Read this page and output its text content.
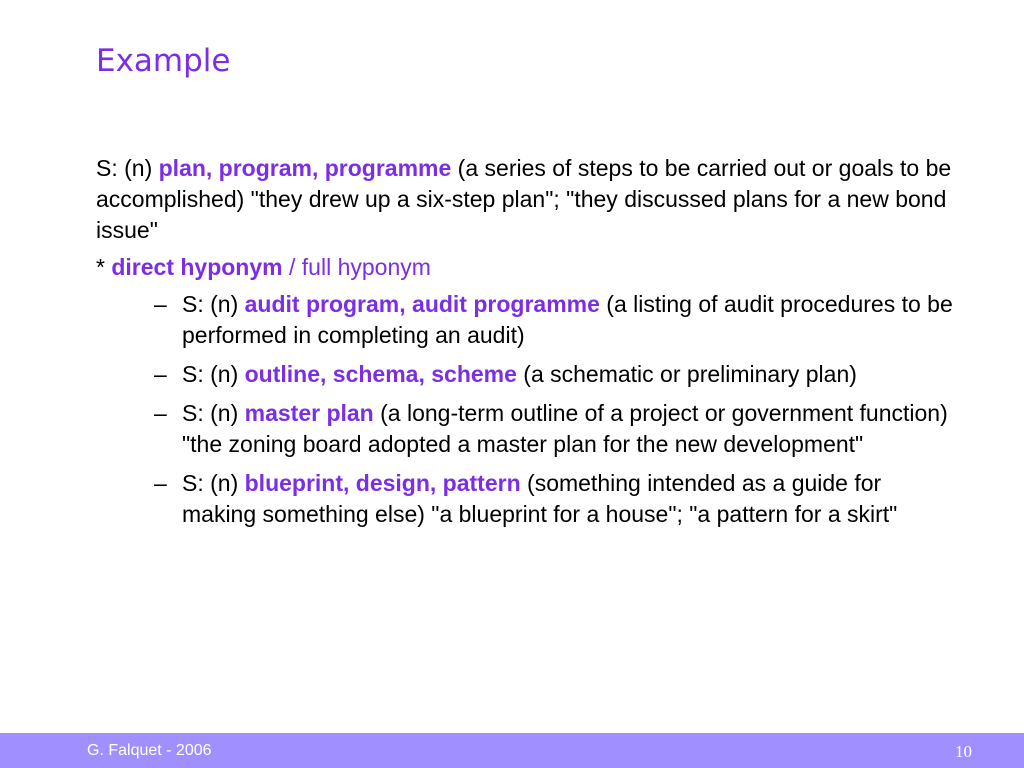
Example

S: (n) plan, program, programme (a series of steps to be carried out or goals to be accomplished) "they drew up a six-step plan"; "they discussed plans for a new bond issue"

* direct hyponym / full hyponym

– S: (n) audit program, audit programme (a listing of audit procedures to be performed in completing an audit)
– S: (n) outline, schema, scheme (a schematic or preliminary plan)
– S: (n) master plan (a long-term outline of a project or government function) "the zoning board adopted a master plan for the new development"
– S: (n) blueprint, design, pattern (something intended as a guide for making something else) "a blueprint for a house"; "a pattern for a skirt"
G. Falquet - 2006	10
